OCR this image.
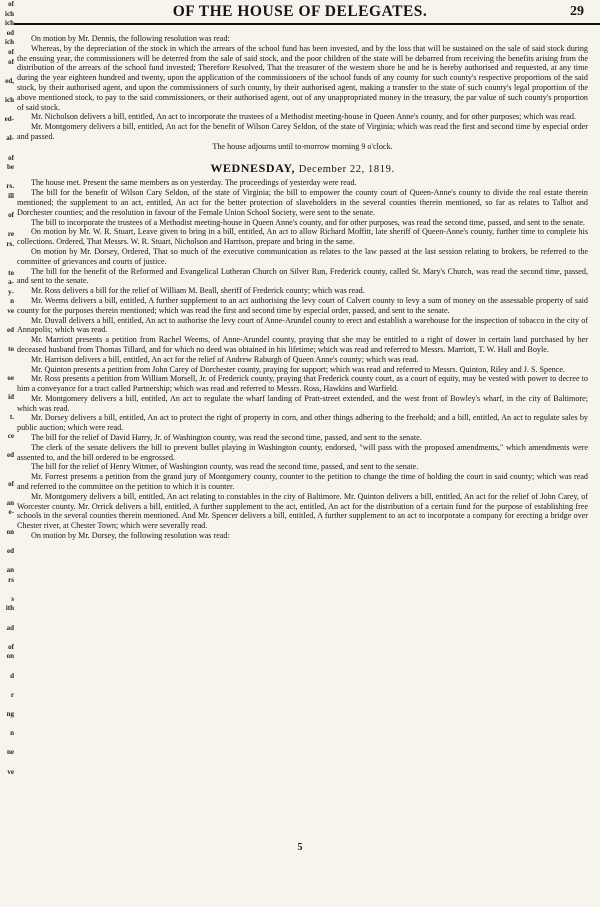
of
ich
ich
od
ich
of
of

ed,

ich

ed-

al-

of
be

rs.
ill

of

re
rs.

to
a-
y-
n
ve

ed

to

oe

id

t.

ce

ed

of

an
e-

on

ed

an
rs

s
ith

ad

of
on

d

r

ng

n

ne

ve

OF THE HOUSE OF DELEGATES.	29

On motion by Mr. Dennis, the following resolution was read:

Whereas, by the depreciation of the stock in which the arrears of the school fund has been invested, and by the loss that will be sustained on the sale of said stock during the ensuing year, the commissioners will be deterred from the sale of said stock, and the poor children of the state will be debarred from receiving the benefits arising from the distribution of the arrears of the school fund invested; Therefore Resolved, That the treasurer of the western shore be and he is hereby authorised and requested, at any time during the year eighteen hundred and twenty, upon the application of the commissioners of the school funds of any county for such county's respective proportions of the said stock, by their authorised agent, and upon the commissioners of such county, by their authorised agent, making a transfer to the state of such county's legal proportion of the above mentioned stock, to pay to the said commissioners, or their authorised agent, out of any unappropriated money in the treasury, the par value of such county's proportion of said stock.

Mr. Nicholson delivers a bill, entitled, An act to incorporate the trustees of a Methodist meeting-house in Queen Anne's county, and for other purposes; which was read.

Mr. Montgomery delivers a bill, entitled, An act for the benefit of Wilson Carey Seldon, of the state of Virginia; which was read the first and second time by especial order and passed.

The house adjourns until to-morrow morning 9 o'clock.

WEDNESDAY, December 22, 1819.

The house met. Present the same members as on yesterday. The proceedings of yesterday were read.

The bill for the benefit of Wilson Cary Seldon, of the state of Virginia; the bill to empower the county court of Queen-Anne's county to divide the real estate therein mentioned; the supplement to an act, entitled, An act for the better protection of slaveholders in the several counties therein mentioned, so far as relates to Talbot and Dorchester counties; and the resolution in favour of the Female Union School Society, were sent to the senate.

The bill to incorporate the trustees of a Methodist meeting-house in Queen Anne's county, and for other purposes, was read the second time, passed, and sent to the senate.

On motion by Mr. W. R. Stuart, Leave given to bring in a bill, entitled, An act to allow Richard Moffitt, late sheriff of Queen-Anne's county, further time to complete his collections. Ordered, That Messrs. W. R. Stuart, Nicholson and Harrison, prepare and bring in the same.

On motion by Mr. Dorsey, Ordered, That so much of the executive communication as relates to the law passed at the last session relating to brokers, be referred to the committee of grievances and courts of justice.

The bill for the benefit of the Reformed and Evangelical Lutheran Church on Silver Run, Frederick county, called St. Mary's Church, was read the second time, passed, and sent to the senate.

Mr. Ross delivers a bill for the relief of William M. Beall, sheriff of Frederick county; which was read.

Mr. Weems delivers a bill, entitled, A further supplement to an act authorising the levy court of Calvert county to levy a sum of money on the assessable property of said county for the purposes therein mentioned; which was read the first and second time by especial order, passed, and sent to the senate.

Mr. Duvall delivers a bill, entitled, An act to authorise the levy court of Anne-Arundel county to erect and establish a warehouse for the inspection of tobacco in the city of Annapolis; which was read.

Mr. Marriott presents a petition from Rachel Weems, of Anne-Arundel county, praying that she may be entitled to a right of dower in certain land purchased by her deceased husband from Thomas Tillard, and for which no deed was obtained in his lifetime; which was read and referred to Messrs. Marriott, T. W. Hall and Boyle.

Mr. Harrison delivers a bill, entitled, An act for the relief of Andrew Raburgh of Queen Anne's county; which was read.

Mr. Quinton presents a petition from John Carey of Dorchester county, praying for support; which was read and referred to Messrs. Quinton, Riley and J. S. Spence.

Mr. Ross presents a petition from William Morsell, Jr. of Frederick county, praying that Frederick county court, as a court of equity, may be vested with power to decree to him a conveyance for a tract called Partnership; which was read and referred to Messrs. Ross, Hawkins and Warfield.

Mr. Montgomery delivers a bill, entitled, An act to regulate the wharf landing of Pratt-street extended, and the west front of Bowley's wharf, in the city of Baltimore; which was read.

Mr. Dorsey delivers a bill, entitled, An act to protect the right of property in corn, and other things adhering to the freehold; and a bill, entitled, An act to regulate sales by public auction; which were read.

The bill for the relief of David Harry, Jr. of Washington county, was read the second time, passed, and sent to the senate.

The clerk of the senate delivers the bill to prevent bullet playing in Washington county, endorsed, "will pass with the proposed amendments," which amendments were assented to, and the bill ordered to be engrossed.

The bill for the relief of Henry Witmer, of Washington county, was read the second time, passed, and sent to the senate.

Mr. Forrest presents a petition from the grand jury of Montgomery county, counter to the petition to change the time of holding the court in said county; which was read and referred to the committee on the petition to which it is counter.

Mr. Montgomery delivers a bill, entitled, An act relating to constables in the city of Baltimore. Mr. Quinton delivers a bill, entitled, An act for the relief of John Carey, of Worcester county. Mr. Orrick delivers a bill, entitled, A further supplement to the act, entitled, An act for the distribution of a certain fund for the purpose of establishing free schools in the several counties therein mentioned. And Mr. Spencer delivers a bill, entitled, A further supplement to an act to incorporate a company for erecting a bridge over Chester river, at Chester Town; which were severally read.

On motion by Mr. Dorsey, the following resolution was read:

5
